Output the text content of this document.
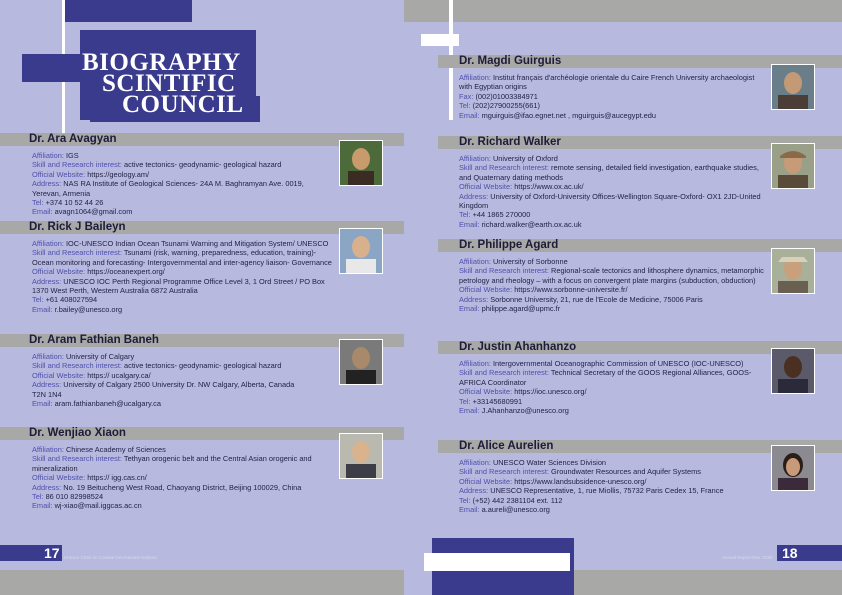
BIOGRAPHY
SCINTIFIC
COUNCIL
Dr. Ara Avagyan
Affiliation: IGS
Skill and Research interest: active tectonics- geodynamic- geological hazard
Official Website: https://geology.am/
Address: NAS RA Institute of Geological Sciences- 24A M. Baghramyan Ave. 0019, Yerevan, Armenia
Tel: +374 10 52 44 26
Email: avagn1064@gmail.com
Dr. Rick J Baileyn
Affiliation: IOC-UNESCO Indian Ocean Tsunami Warning and Mitigation System/ UNESCO
Skill and Research interest: Tsunami (risk, warning, preparedness, education, training)- Ocean monitoring and forecasting- Intergovernmental and inter-agency liaison- Governance
Official Website: https://oceanexpert.org/
Address: UNESCO IOC Perth Regional Programme Office Level 3, 1 Ord Street / PO Box 1370 West Perth, Western Australia 6872 Australia
Tel: +61 408027594
Email: r.bailey@unesco.org
Dr. Aram Fathian Baneh
Affiliation: University of Calgary
Skill and Research interest: active tectonics- geodynamic- geological hazard
Official Website: https:// ucalgary.ca/
Address: University of Calgary 2500 University Dr. NW Calgary, Alberta, Canada T2N 1N4
Email: aram.fathianbaneh@ucalgary.ca
Dr. Wenjiao Xiaon
Affiliation: Chinese Academy of Sciences
Skill and Research interest: Tethyan orogenic belt and the Central Asian orogenic and mineralization
Official Website: https:// igg.cas.cn/
Address: No. 19 Beitucheng West Road, Chaoyang District, Beijing 100029, China
Tel: 86 010 82998524
Email: wj-xiao@mail.iggcas.ac.cn
Dr. Magdi Guirguis
Affiliation: Institut français d'archéologie orientale du Caire French University archaeologist with Egyptian origins
Fax: (002)01003384971
Tel: (202)27900255(661)
Email: mguirguis@ifao.egnet.net , mguirguis@aucegypt.edu
Dr. Richard Walker
Affiliation: University of Oxford
Skill and Research interest: remote sensing, detailed field investigation, earthquake studies, and Quaternary dating methods
Official Website: https://www.ox.ac.uk/
Address: University of Oxford-University Offices-Wellington Square-Oxford- OX1 2JD-United Kingdom
Tel: +44 1865 270000
Email: richard.walker@earth.ox.ac.uk
Dr. Philippe Agard
Affiliation: University of Sorbonne
Skill and Research interest: Regional-scale tectonics and lithosphere dynamics, metamorphic petrology and rheology – with a focus on convergent plate margins (subduction, obduction)
Official Website: https://www.sorbonne-universite.fr/
Address: Sorbonne University, 21, rue de l'Ecole de Medicine, 75006 Paris
Email: philippe.agard@upmc.fr
Dr. Justin Ahanhanzo
Affiliation: Intergovernmental Oceanographic Commission of UNESCO (IOC-UNESCO)
Skill and Research interest: Technical Secretary of the GOOS Regional Alliances, GOOS-AFRICA Coordinator
Official Website: https://ioc.unesco.org/
Tel: +33145680991
Email: J.Ahanhanzo@unesco.org
Dr. Alice Aurelien
Affiliation: UNESCO Water Sciences Division
Skill and Research interest: Groundwater Resources and Aquifer Systems
Official Website: https://www.landsubsidence-unesco.org/
Address: UNESCO Representative, 1, rue Miollis, 75732 Paris Cedex 15, France
Tel: (+52) 442 2381104 ext. 112
Email: a.aureli@unesco.org
17 Unesco Chair on Coastal Geo-hazard Analysis	18
Annual Report-Nov. 2020
